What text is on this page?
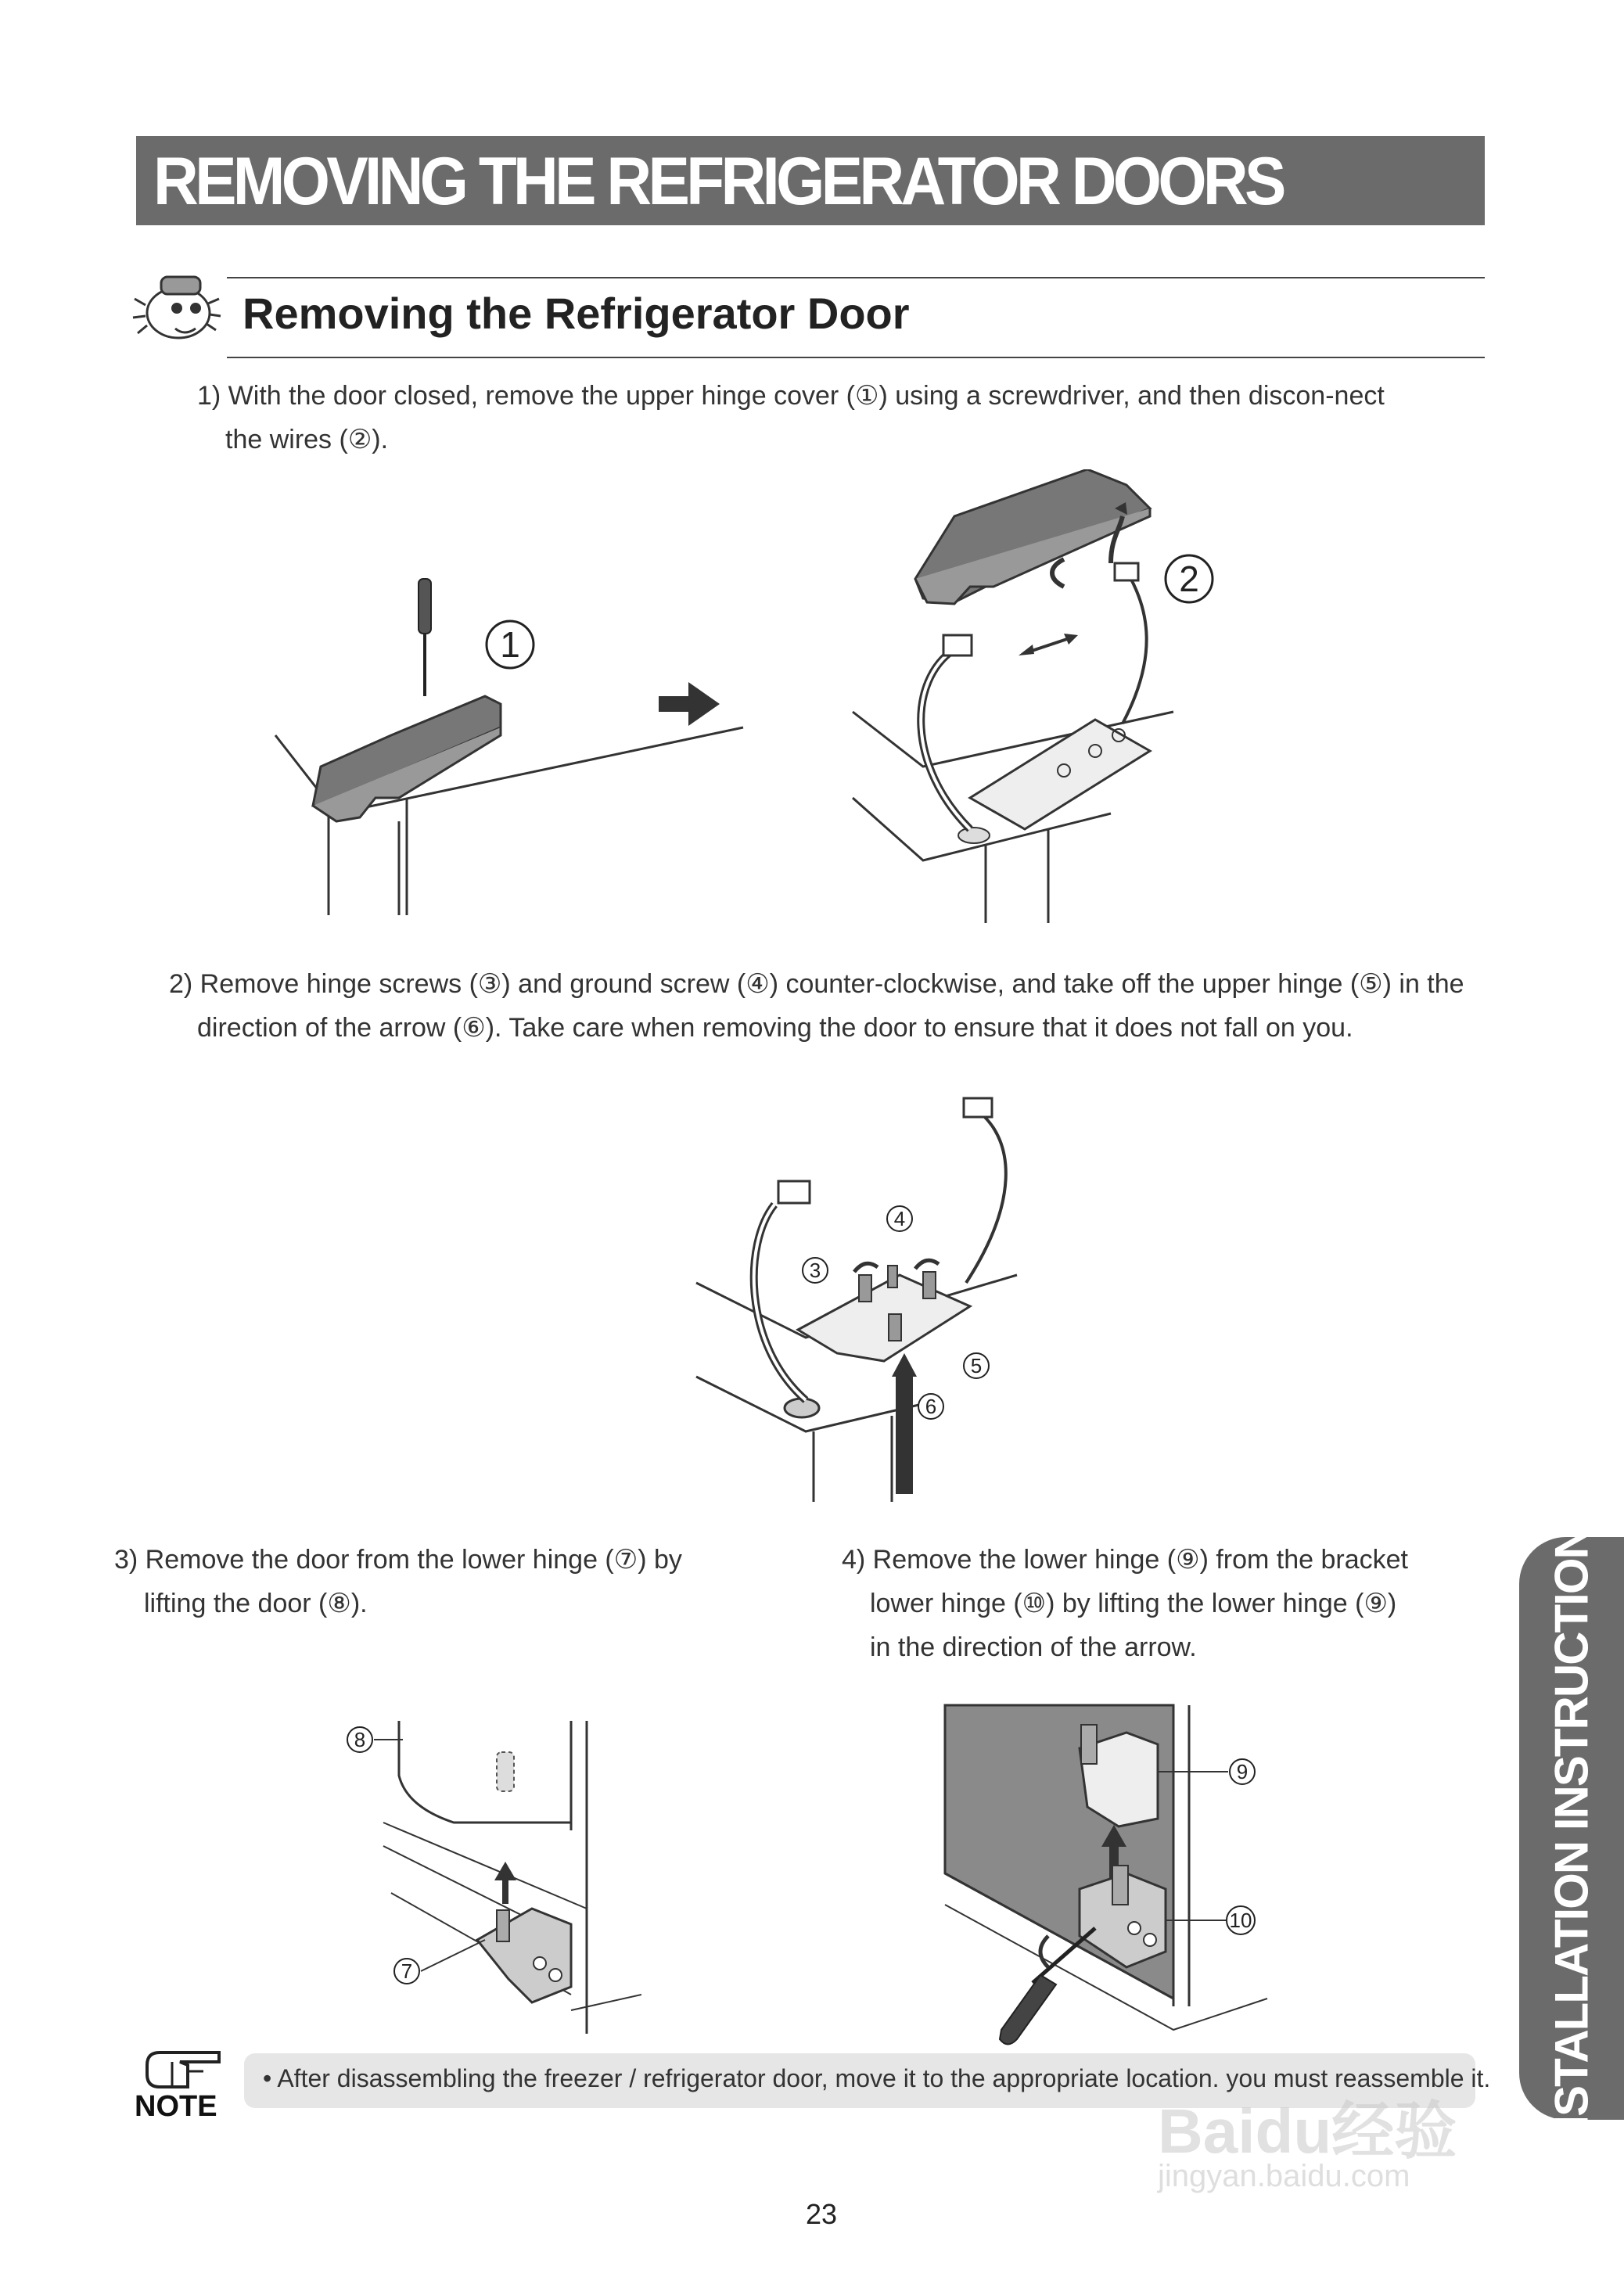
REMOVING THE REFRIGERATOR DOORS
Removing the Refrigerator Door
1) With the door closed, remove the upper hinge cover (①) using a screwdriver, and then discon-nect
the wires (②).
1
2
2) Remove hinge screws (③) and ground screw (④) counter-clockwise, and take off the upper hinge (⑤) in the
direction of the arrow (⑥). Take care when removing the door to ensure that it does not fall on you.
4
3
5
6
3) Remove the door from the lower hinge (⑦) by
lifting the door (⑧).
4) Remove the lower hinge (⑨) from the bracket
lower hinge (⑩) by lifting the lower hinge (⑨)
in the direction of the arrow.
8
7
9
10	INSTALLATION INSTRUCTIONS
NOTE
• After disassembling the freezer / refrigerator door, move it to the appropriate location. you must reassemble it.
Baidu经验
jingyan.baidu.com
23
